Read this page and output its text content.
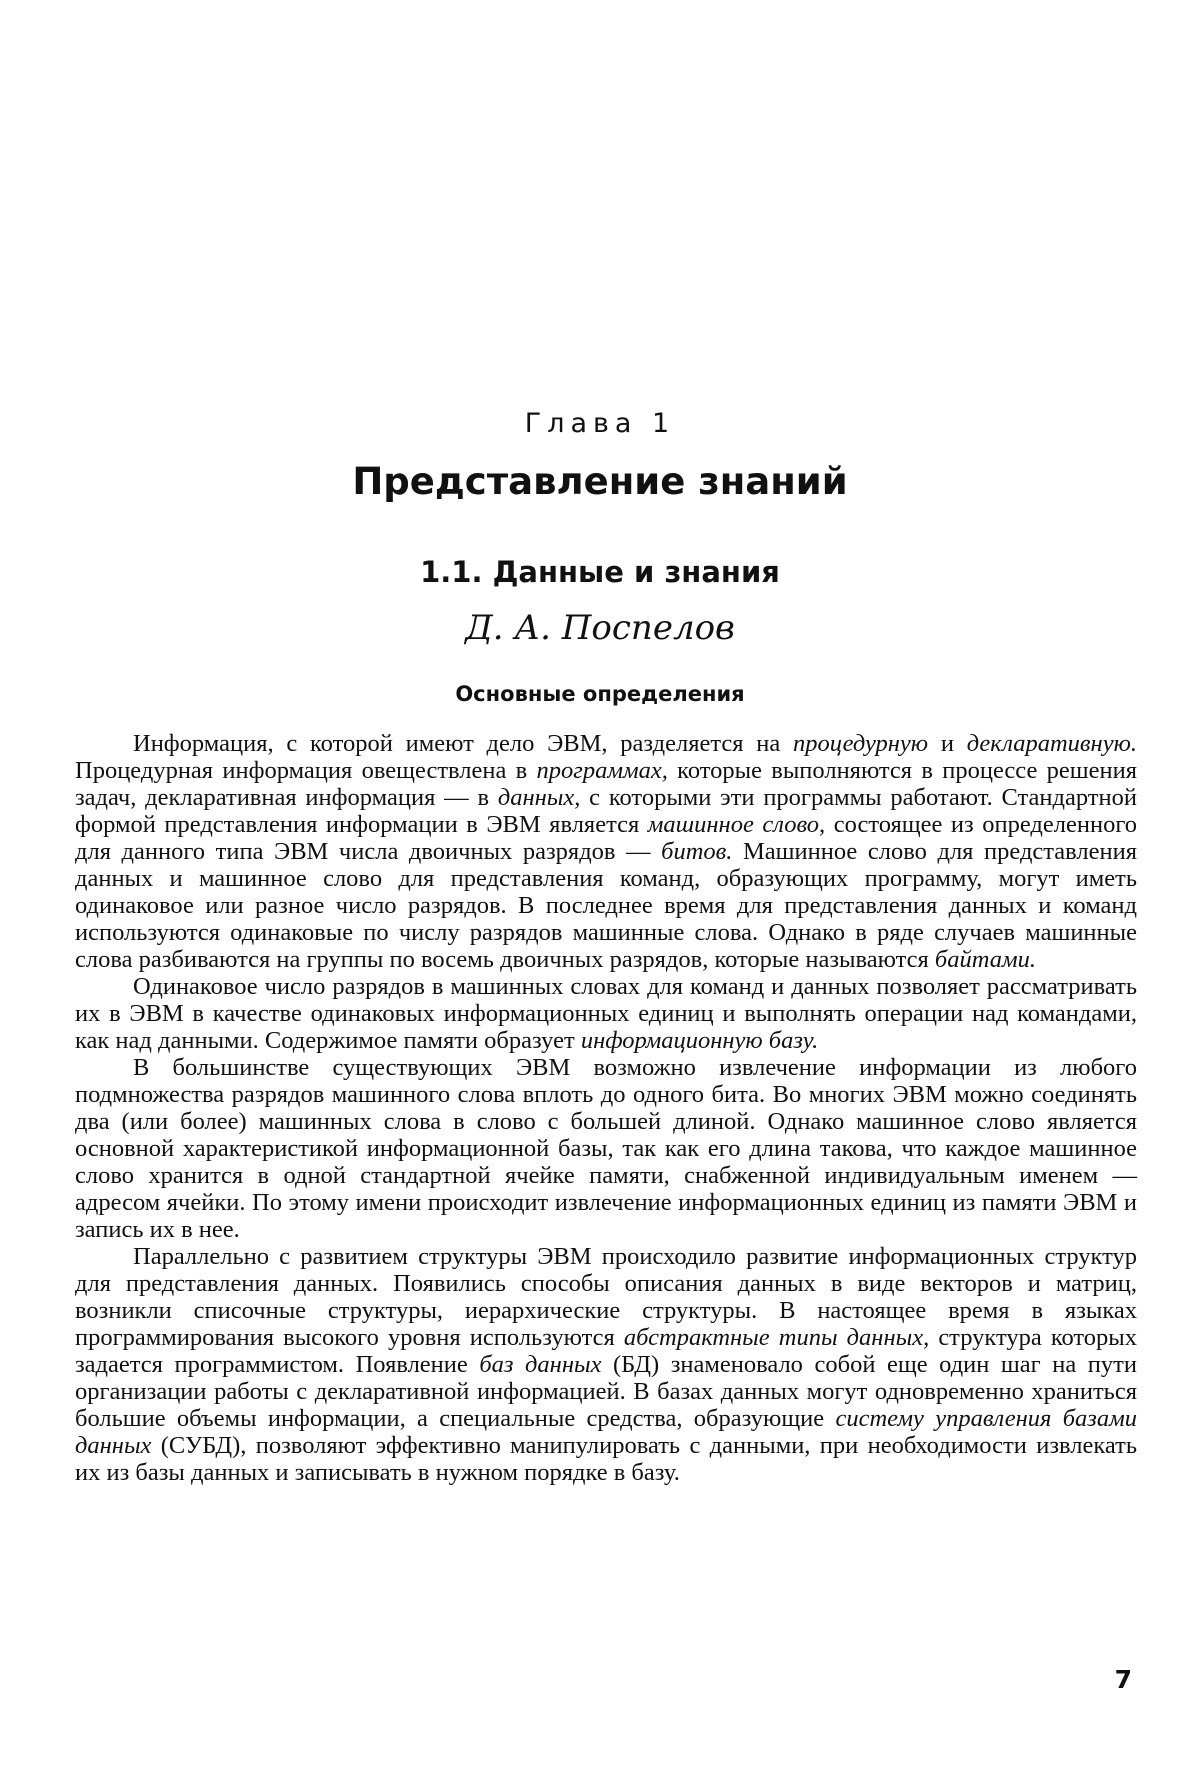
Глава 1
Представление знаний
1.1. Данные и знания
Д. А. Поспелов
Основные определения

Информация, с которой имеют дело ЭВМ, разделяется на процедурную и декларативную. Процедурная информация овеществлена в программах, которые выполняются в процессе решения задач, декларативная информация — в данных, с которыми эти программы работают. Стандартной формой представления информации в ЭВМ является машинное слово, состоящее из определенного для данного типа ЭВМ числа двоичных разрядов — битов. Машинное слово для представления данных и машинное слово для представления команд, образующих программу, могут иметь одинаковое или разное число разрядов. В последнее время для представления данных и команд используются одинаковые по числу разрядов машинные слова. Однако в ряде случаев машинные слова разбиваются на группы по восемь двоичных разрядов, которые называются байтами.

Одинаковое число разрядов в машинных словах для команд и данных позволяет рассматривать их в ЭВМ в качестве одинаковых информационных единиц и выполнять операции над командами, как над данными. Содержимое памяти образует информационную базу.

В большинстве существующих ЭВМ возможно извлечение информации из любого подмножества разрядов машинного слова вплоть до одного бита. Во многих ЭВМ можно соединять два (или более) машинных слова в слово с большей длиной. Однако машинное слово является основной характеристикой информационной базы, так как его длина такова, что каждое машинное слово хранится в одной стандартной ячейке памяти, снабженной индивидуальным именем — адресом ячейки. По этому имени происходит извлечение информационных единиц из памяти ЭВМ и запись их в нее.

Параллельно с развитием структуры ЭВМ происходило развитие информационных структур для представления данных. Появились способы описания данных в виде векторов и матриц, возникли списочные структуры, иерархические структуры. В настоящее время в языках программирования высокого уровня используются абстрактные типы данных, структура которых задается программистом. Появление баз данных (БД) знаменовало собой еще один шаг на пути организации работы с декларативной информацией. В базах данных могут одновременно храниться большие объемы информации, а специальные средства, образующие систему управления базами данных (СУБД), позволяют эффективно манипулировать с данными, при необходимости извлекать их из базы данных и записывать в нужном порядке в базу.

7
